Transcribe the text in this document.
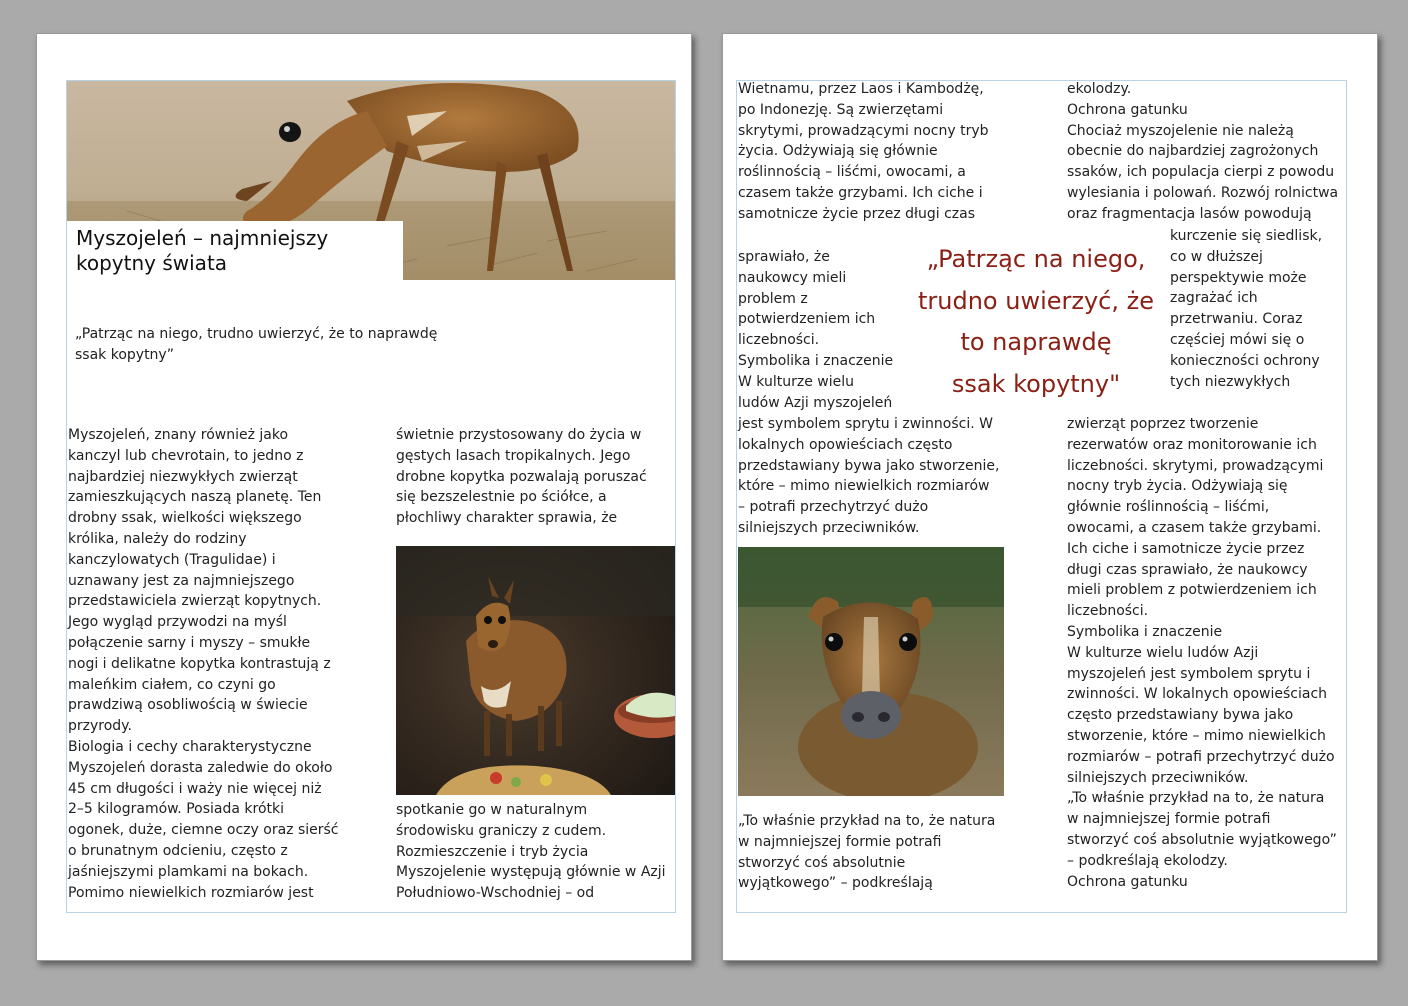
Myszojeleń – najmniejszy
kopytny świata
„Patrząc na niego, trudno uwierzyć, że to naprawdę
ssak kopytny”

Myszojeleń, znany również jako
kanczyl lub chevrotain, to jedno z
najbardziej niezwykłych zwierząt
zamieszkujących naszą planetę. Ten
drobny ssak, wielkości większego
królika, należy do rodziny
kanczylowatych (Tragulidae) i
uznawany jest za najmniejszego
przedstawiciela zwierząt kopytnych.
Jego wygląd przywodzi na myśl
połączenie sarny i myszy – smukłe
nogi i delikatne kopytka kontrastują z
maleńkim ciałem, co czyni go
prawdziwą osobliwością w świecie
przyrody.
Biologia i cechy charakterystyczne
Myszojeleń dorasta zaledwie do około
45 cm długości i waży nie więcej niż
2–5 kilogramów. Posiada krótki
ogonek, duże, ciemne oczy oraz sierść
o brunatnym odcieniu, często z
jaśniejszymi plamkami na bokach.
Pomimo niewielkich rozmiarów jest

świetnie przystosowany do życia w
gęstych lasach tropikalnych. Jego
drobne kopytka pozwalają poruszać
się bezszelestnie po ściółce, a
płochliwy charakter sprawia, że

spotkanie go w naturalnym
środowisku graniczy z cudem.
Rozmieszczenie i tryb życia
Myszojelenie występują głównie w Azji
Południowo-Wschodniej – od

Wietnamu, przez Laos i Kambodżę,
po Indonezję. Są zwierzętami
skrytymi, prowadzącymi nocny tryb
życia. Odżywiają się głównie
roślinnością – liśćmi, owocami, a
czasem także grzybami. Ich ciche i
samotnicze życie przez długi czas

sprawiało, że
naukowcy mieli
problem z
potwierdzeniem ich
liczebności.
Symbolika i znaczenie
W kulturze wielu
ludów Azji myszojeleń

„Patrząc na niego,
trudno uwierzyć, że
to naprawdę
ssak kopytny"

jest symbolem sprytu i zwinności. W
lokalnych opowieściach często
przedstawiany bywa jako stworzenie,
które – mimo niewielkich rozmiarów
– potrafi przechytrzyć dużo
silniejszych przeciwników.

„To właśnie przykład na to, że natura
w najmniejszej formie potrafi
stworzyć coś absolutnie
wyjątkowego” – podkreślają

ekolodzy.
Ochrona gatunku
Chociaż myszojelenie nie należą
obecnie do najbardziej zagrożonych
ssaków, ich populacja cierpi z powodu
wylesiania i polowań. Rozwój rolnictwa
oraz fragmentacja lasów powodują

kurczenie się siedlisk,
co w dłuższej
perspektywie może
zagrażać ich
przetrwaniu. Coraz
częściej mówi się o
konieczności ochrony
tych niezwykłych

zwierząt poprzez tworzenie
rezerwatów oraz monitorowanie ich
liczebności. skrytymi, prowadzącymi
nocny tryb życia. Odżywiają się
głównie roślinnością – liśćmi,
owocami, a czasem także grzybami.
Ich ciche i samotnicze życie przez
długi czas sprawiało, że naukowcy
mieli problem z potwierdzeniem ich
liczebności.
Symbolika i znaczenie
W kulturze wielu ludów Azji
myszojeleń jest symbolem sprytu i
zwinności. W lokalnych opowieściach
często przedstawiany bywa jako
stworzenie, które – mimo niewielkich
rozmiarów – potrafi przechytrzyć dużo
silniejszych przeciwników.
„To właśnie przykład na to, że natura
w najmniejszej formie potrafi
stworzyć coś absolutnie wyjątkowego”
– podkreślają ekolodzy.
Ochrona gatunku
